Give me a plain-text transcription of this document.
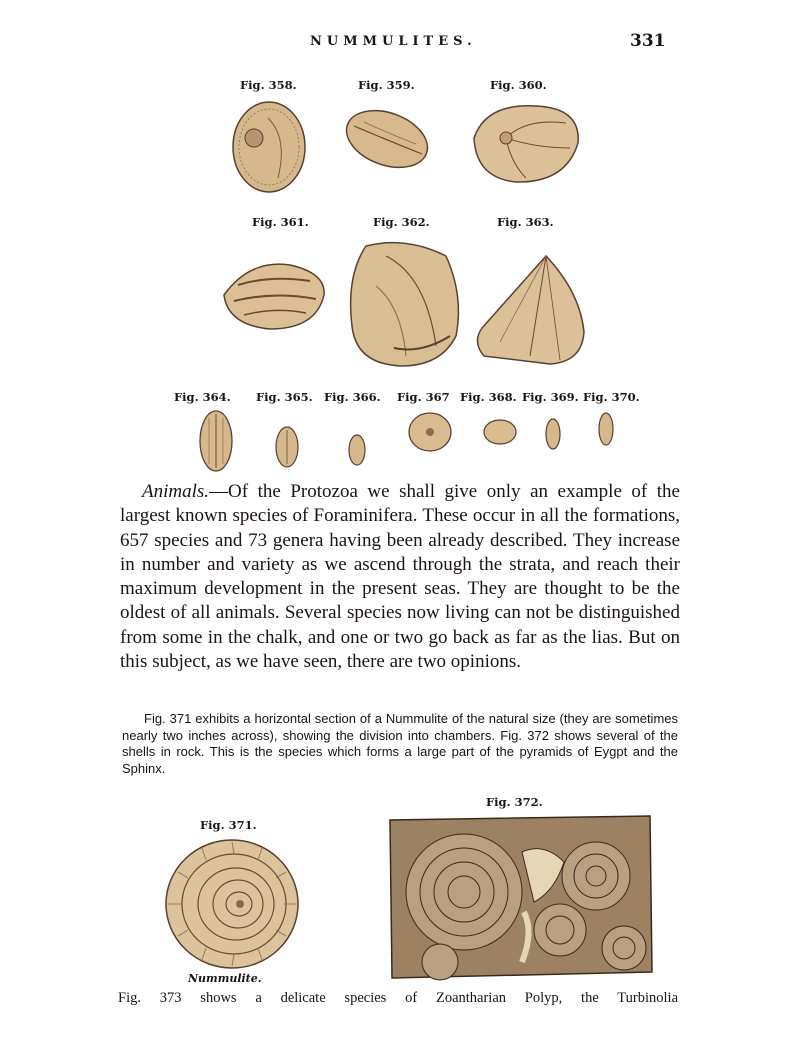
NUMMULITES.	331
Fig. 358.	Fig. 359.	Fig. 360.
Fig. 361.	Fig. 362.	Fig. 363.
Fig. 364. Fig. 365. Fig. 366. Fig. 367 Fig. 368. Fig. 369. Fig. 370.

Animals.—Of the Protozoa we shall give only an example of the largest known species of Foraminifera. These occur in all the formations, 657 species and 73 genera having been already described. They increase in number and variety as we ascend through the strata, and reach their maximum development in the present seas. They are thought to be the oldest of all animals. Several species now living can not be distinguished from some in the chalk, and one or two go back as far as the lias. But on this subject, as we have seen, there are two opinions.

Fig. 371 exhibits a horizontal section of a Nummulite of the natural size (they are sometimes nearly two inches across), showing the division into chambers. Fig. 372 shows several of the shells in rock. This is the species which forms a large part of the pyramids of Eygpt and the Sphinx.

Fig. 371.
Fig. 372.
Nummulite.

Fig. 373 shows a delicate species of Zoantharian Polyp, the Turbinolia
